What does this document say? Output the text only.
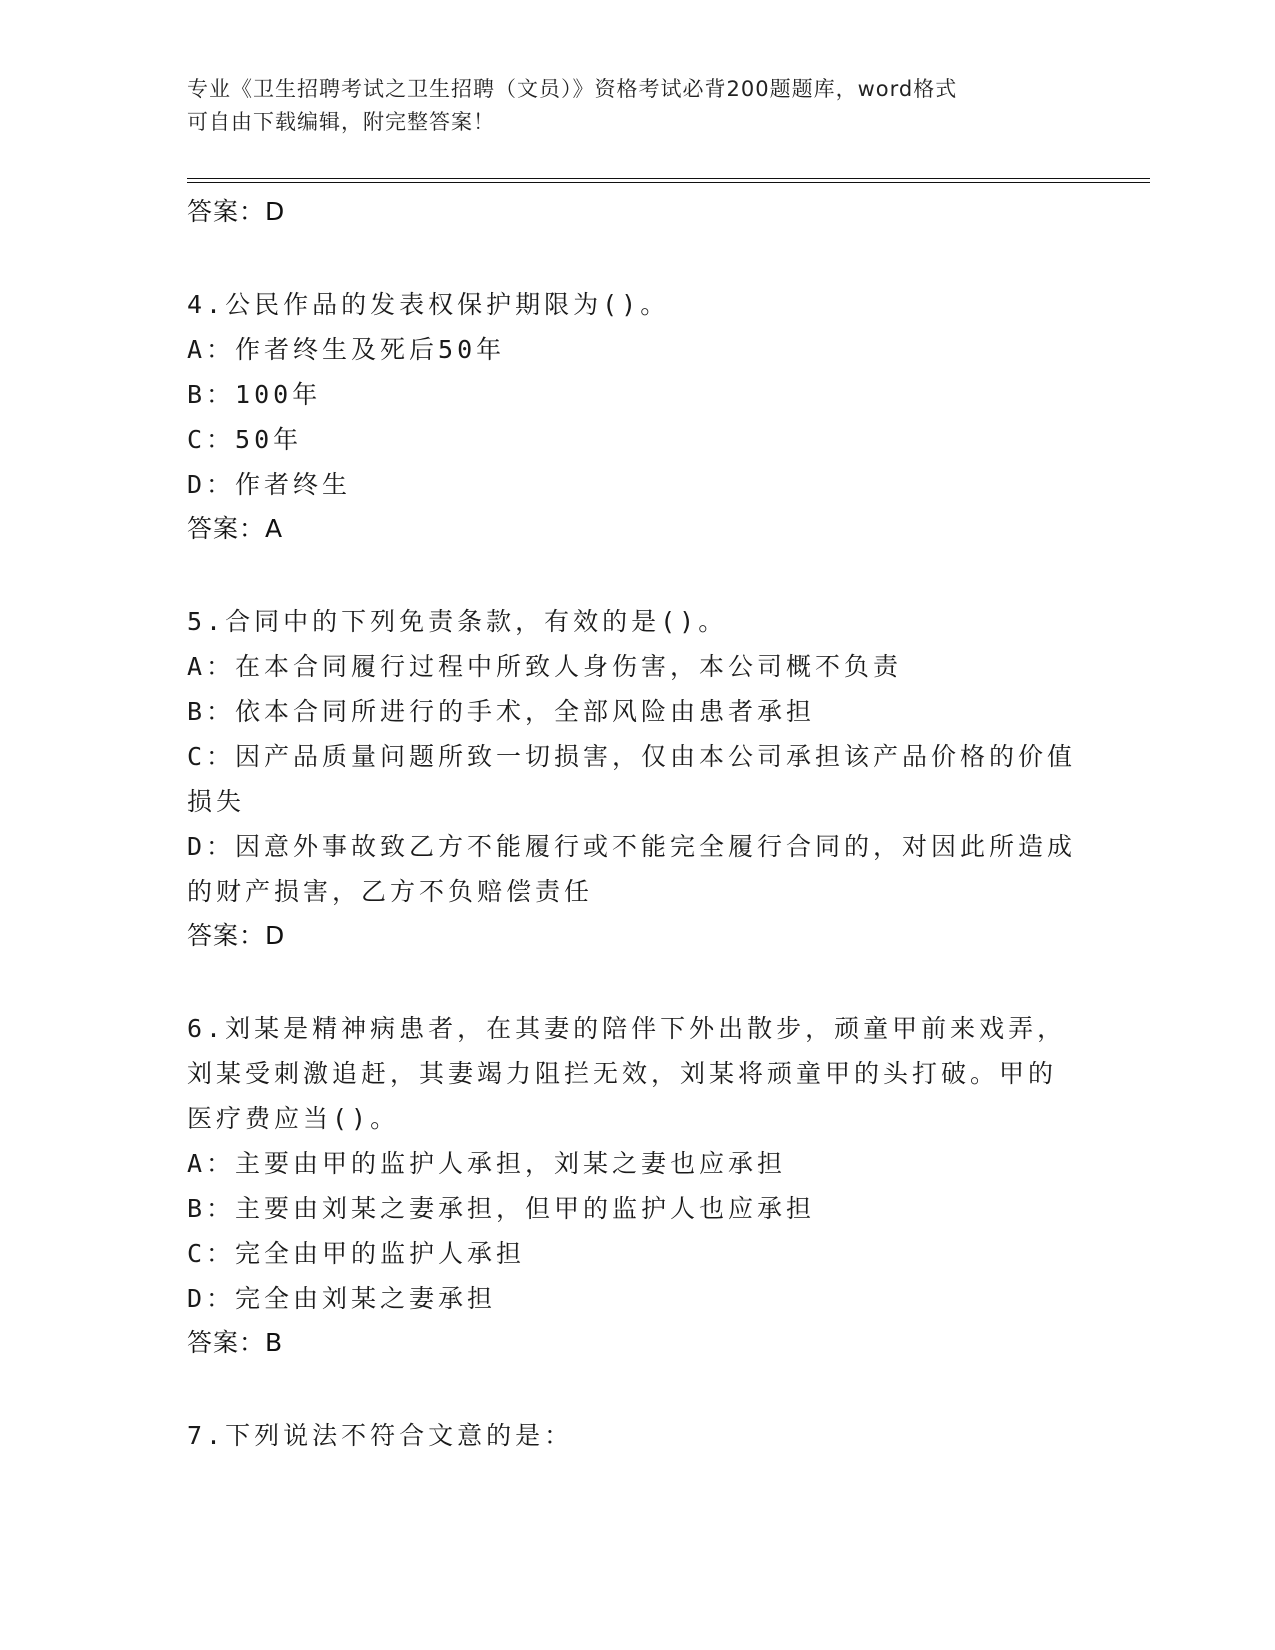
专业《卫生招聘考试之卫生招聘（文员）》资格考试必背200题题库，word格式
可自由下载编辑，附完整答案！
答案：D
4.公民作品的发表权保护期限为()。
A：作者终生及死后50年
B：100年
C：50年
D：作者终生
答案：A
5.合同中的下列免责条款，有效的是()。
A：在本合同履行过程中所致人身伤害，本公司概不负责
B：依本合同所进行的手术，全部风险由患者承担
C：因产品质量问题所致一切损害，仅由本公司承担该产品价格的价值
损失
D：因意外事故致乙方不能履行或不能完全履行合同的，对因此所造成
的财产损害，乙方不负赔偿责任
答案：D
6.刘某是精神病患者，在其妻的陪伴下外出散步，顽童甲前来戏弄，
刘某受刺激追赶，其妻竭力阻拦无效，刘某将顽童甲的头打破。甲的
医疗费应当()。
A：主要由甲的监护人承担，刘某之妻也应承担
B：主要由刘某之妻承担，但甲的监护人也应承担
C：完全由甲的监护人承担
D：完全由刘某之妻承担
答案：B
7.下列说法不符合文意的是：
